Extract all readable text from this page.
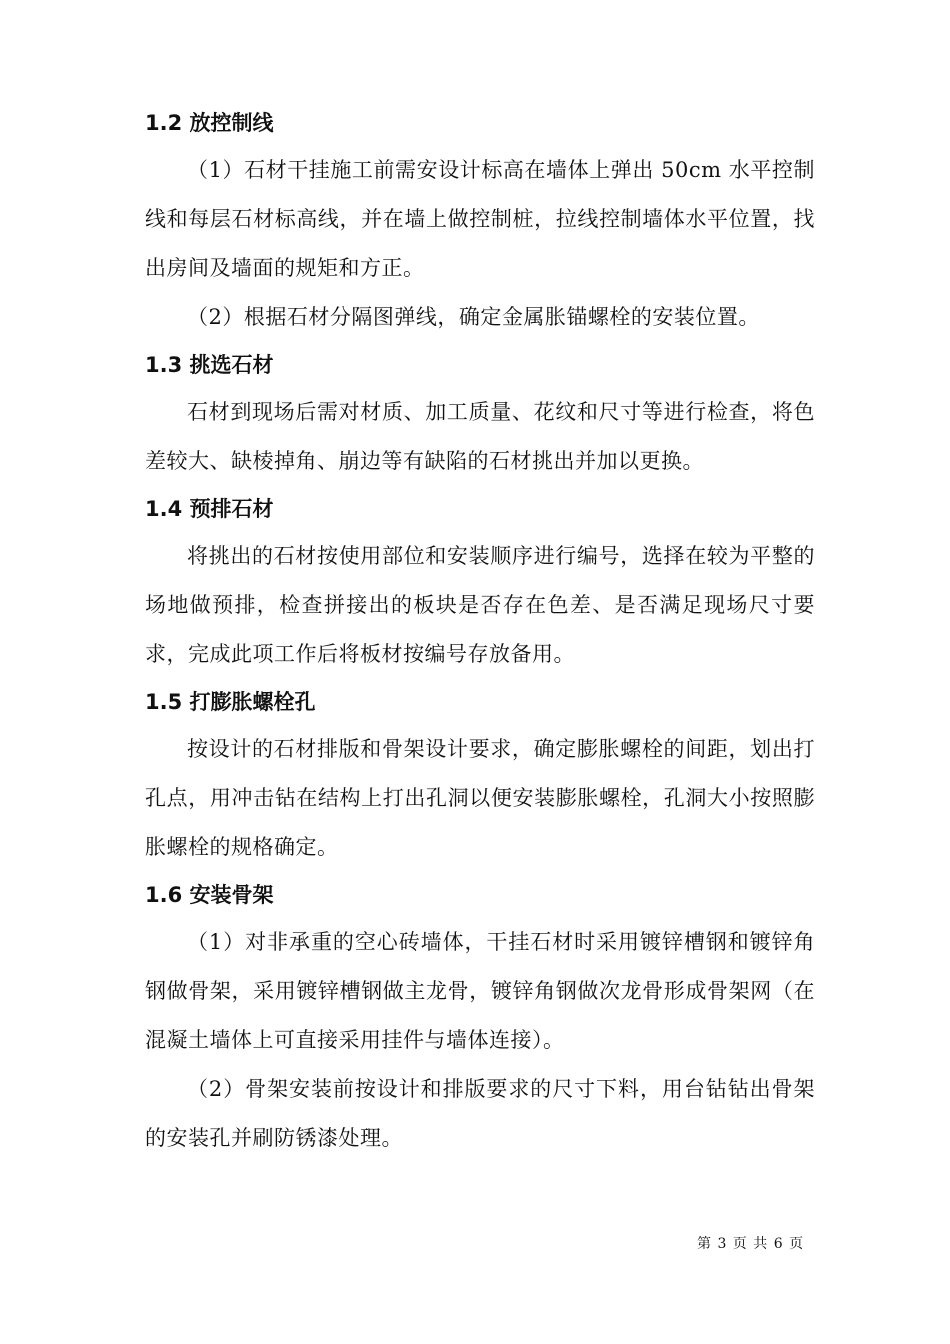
1.2 放控制线

（1）石材干挂施工前需安设计标高在墙体上弹出 50cm 水平控制线和每层石材标高线，并在墙上做控制桩，拉线控制墙体水平位置，找出房间及墙面的规矩和方正。

（2）根据石材分隔图弹线，确定金属胀锚螺栓的安装位置。

1.3 挑选石材

石材到现场后需对材质、加工质量、花纹和尺寸等进行检查，将色差较大、缺棱掉角、崩边等有缺陷的石材挑出并加以更换。

1.4 预排石材

将挑出的石材按使用部位和安装顺序进行编号，选择在较为平整的场地做预排，检查拼接出的板块是否存在色差、是否满足现场尺寸要求，完成此项工作后将板材按编号存放备用。

1.5 打膨胀螺栓孔

按设计的石材排版和骨架设计要求，确定膨胀螺栓的间距，划出打孔点，用冲击钻在结构上打出孔洞以便安装膨胀螺栓，孔洞大小按照膨胀螺栓的规格确定。

1.6 安装骨架

（1）对非承重的空心砖墙体，干挂石材时采用镀锌槽钢和镀锌角钢做骨架，采用镀锌槽钢做主龙骨，镀锌角钢做次龙骨形成骨架网（在混凝土墙体上可直接采用挂件与墙体连接）。

（2）骨架安装前按设计和排版要求的尺寸下料，用台钻钻出骨架的安装孔并刷防锈漆处理。

第 3 页 共 6 页
